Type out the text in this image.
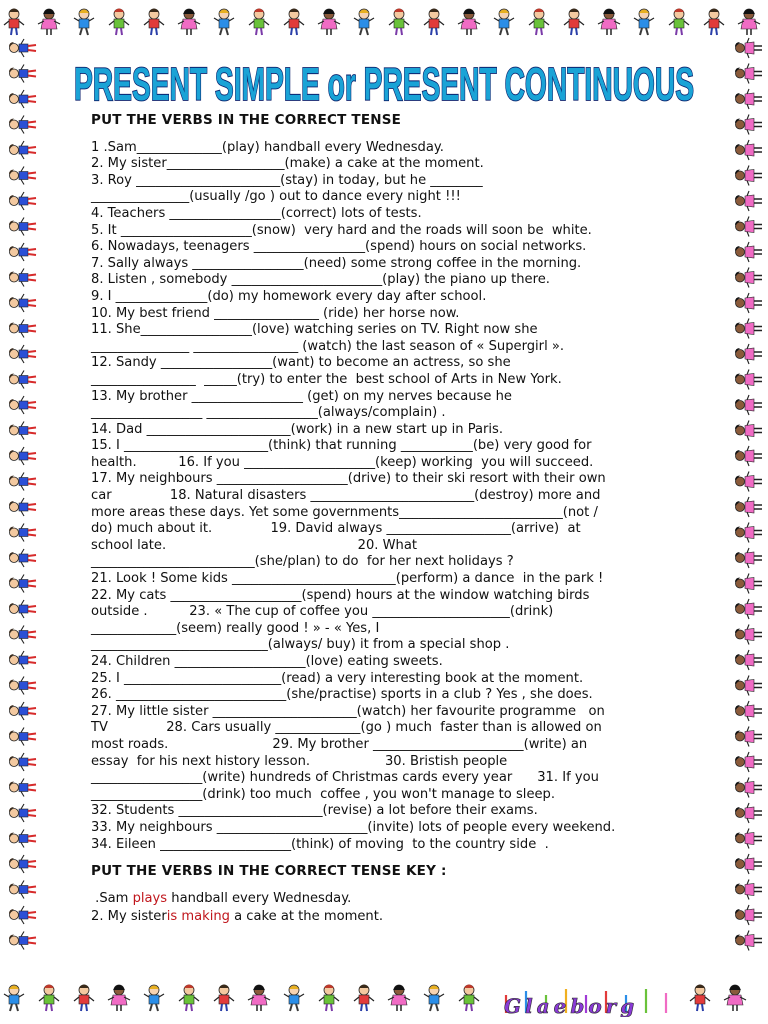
PRESENT SIMPLE or PRESENT CONTINUOUS
PUT THE VERBS IN THE CORRECT TENSE
1 .Sam_____________(play) handball every Wednesday.
2. My sister__________________(make) a cake at the moment.
3. Roy ______________________(stay) in today, but he ________
_______________(usually /go ) out to dance every night !!!
4. Teachers _________________(correct) lots of tests.
5. It ____________________(snow)  very hard and the roads will soon be  white.
6. Nowadays, teenagers _________________(spend) hours on social networks.
7. Sally always _________________(need) some strong coffee in the morning.
8. Listen , somebody _______________________(play) the piano up there.
9. I ______________(do) my homework every day after school.
10. My best friend ________________ (ride) her horse now.
11. She_________________(love) watching series on TV. Right now she
_______________ ________________ (watch) the last season of « Supergirl ».
12. Sandy _________________(want) to become an actress, so she
________________  _____(try) to enter the  best school of Arts in New York.
13. My brother _________________ (get) on my nerves because he
_________________ _________________(always/complain) .
14. Dad ______________________(work) in a new start up in Paris.
15. I ______________________(think) that running ___________(be) very good for
health.          16. If you ____________________(keep) working  you will succeed.
17. My neighbours ____________________(drive) to their ski resort with their own
car              18. Natural disasters _________________________(destroy) more and
more areas these days. Yet some governments_________________________(not /
do) much about it.              19. David always ___________________(arrive)  at
school late.                                              20. What
_________________________(she/plan) to do  for her next holidays ?
21. Look ! Some kids _________________________(perform) a dance  in the park !
22. My cats ____________________(spend) hours at the window watching birds
outside .          23. « The cup of coffee you _____________________(drink)
_____________(seem) really good ! » - « Yes, I
___________________________(always/ buy) it from a special shop .
24. Children ____________________(love) eating sweets.
25. I ________________________(read) a very interesting book at the moment.
26. __________________________(she/practise) sports in a club ? Yes , she does.
27. My little sister ______________________(watch) her favourite programme   on
TV              28. Cars usually _____________(go ) much  faster than is allowed on
most roads.                         29. My brother _______________________(write) an
essay  for his next history lesson.                  30. Bristish people
_________________(write) hundreds of Christmas cards every year      31. If you
_________________(drink) too much  coffee , you won't manage to sleep.
32. Students ______________________(revise) a lot before their exams.
33. My neighbours _______________________(invite) lots of people every weekend.
34. Eileen ____________________(think) of moving  to the country side  .
PUT THE VERBS IN THE CORRECT TENSE KEY :
.Sam plays handball every Wednesday.
2. My sisteris making a cake at the moment.
Glaeborg
